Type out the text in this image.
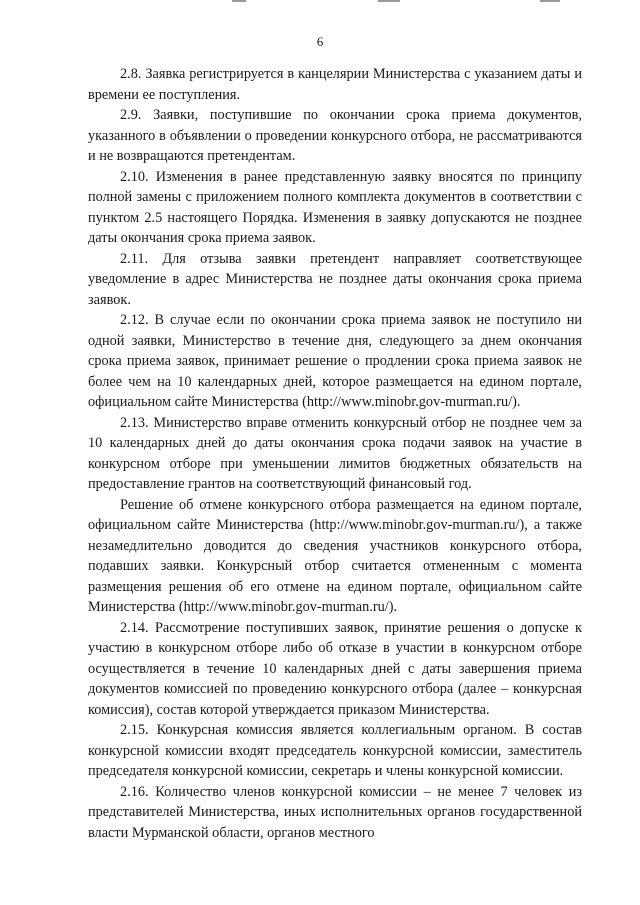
6

2.8. Заявка регистрируется в канцелярии Министерства с указанием даты и времени ее поступления.

2.9. Заявки, поступившие по окончании срока приема документов, указанного в объявлении о проведении конкурсного отбора, не рассматриваются и не возвращаются претендентам.

2.10. Изменения в ранее представленную заявку вносятся по принципу полной замены с приложением полного комплекта документов в соответствии с пунктом 2.5 настоящего Порядка. Изменения в заявку допускаются не позднее даты окончания срока приема заявок.

2.11. Для отзыва заявки претендент направляет соответствующее уведомление в адрес Министерства не позднее даты окончания срока приема заявок.

2.12. В случае если по окончании срока приема заявок не поступило ни одной заявки, Министерство в течение дня, следующего за днем окончания срока приема заявок, принимает решение о продлении срока приема заявок не более чем на 10 календарных дней, которое размещается на едином портале, официальном сайте Министерства (http://www.minobr.gov-murman.ru/).

2.13. Министерство вправе отменить конкурсный отбор не позднее чем за 10 календарных дней до даты окончания срока подачи заявок на участие в конкурсном отборе при уменьшении лимитов бюджетных обязательств на предоставление грантов на соответствующий финансовый год.

Решение об отмене конкурсного отбора размещается на едином портале, официальном сайте Министерства (http://www.minobr.gov-murman.ru/), а также незамедлительно доводится до сведения участников конкурсного отбора, подавших заявки. Конкурсный отбор считается отмененным с момента размещения решения об его отмене на едином портале, официальном сайте Министерства (http://www.minobr.gov-murman.ru/).

2.14. Рассмотрение поступивших заявок, принятие решения о допуске к участию в конкурсном отборе либо об отказе в участии в конкурсном отборе осуществляется в течение 10 календарных дней с даты завершения приема документов комиссией по проведению конкурсного отбора (далее – конкурсная комиссия), состав которой утверждается приказом Министерства.

2.15. Конкурсная комиссия является коллегиальным органом. В состав конкурсной комиссии входят председатель конкурсной комиссии, заместитель председателя конкурсной комиссии, секретарь и члены конкурсной комиссии.

2.16. Количество членов конкурсной комиссии – не менее 7 человек из представителей Министерства, иных исполнительных органов государственной власти Мурманской области, органов местного
